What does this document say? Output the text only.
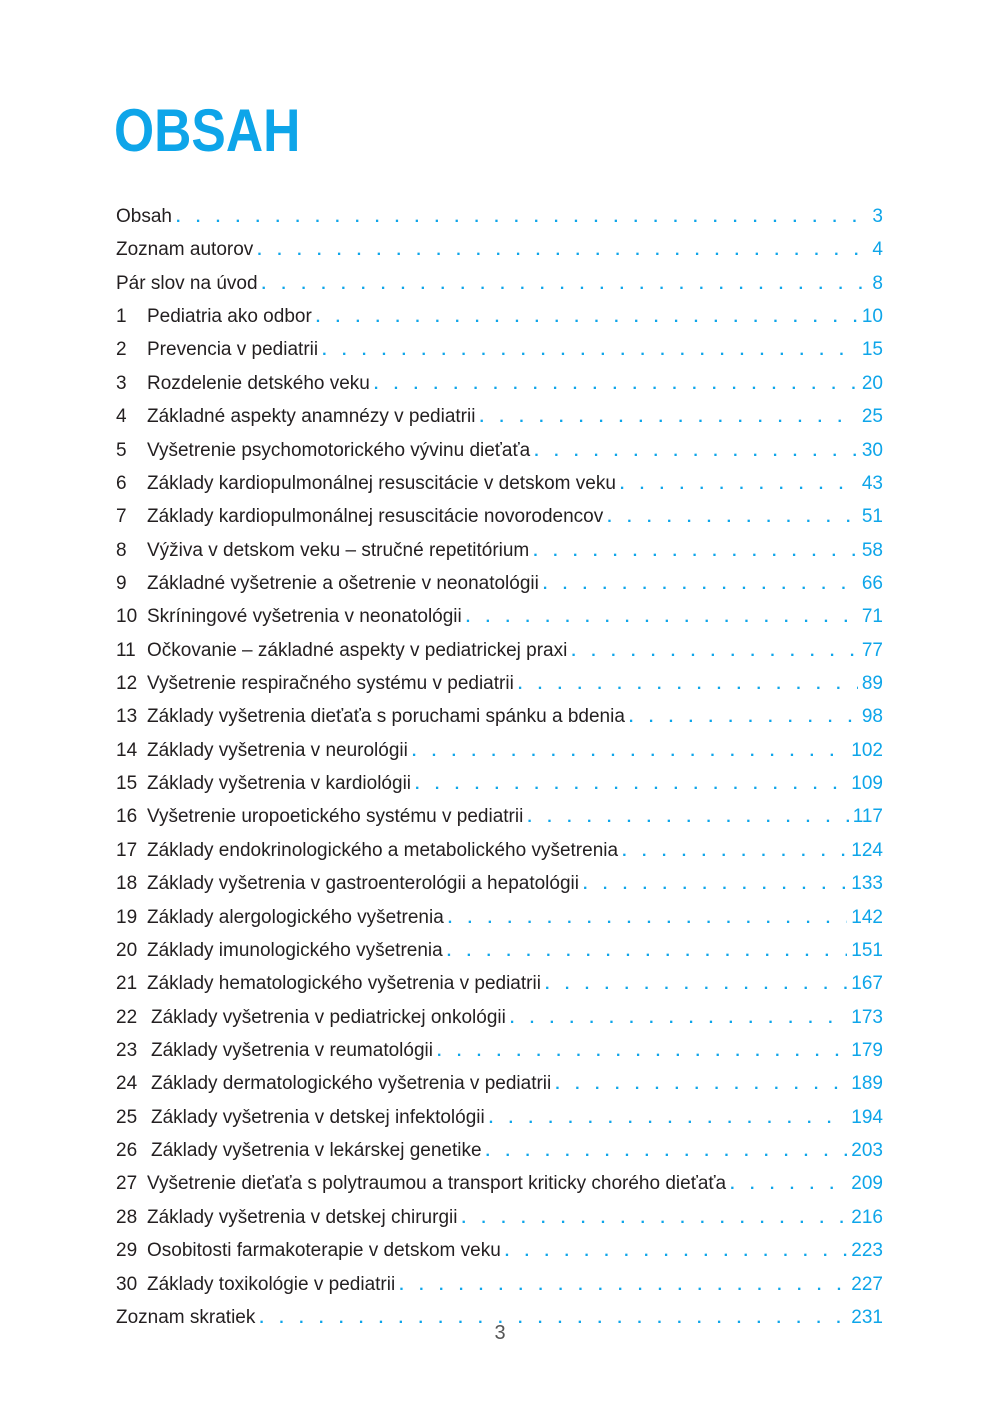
OBSAH
Obsah . . .	3
Zoznam autorov . . .	4
Pár slov na úvod . . .	8
1	Pediatria ako odbor . . .	10
2	Prevencia v pediatrii . . .	15
3	Rozdelenie detského veku . . .	20
4	Základné aspekty anamnézy v pediatrii . . .	25
5	Vyšetrenie psychomotorického vývinu dieťaťa . . .	30
6	Základy kardiopulmonálnej resuscitácie v detskom veku . . .	43
7	Základy kardiopulmonálnej resuscitácie novorodencov . . .	51
8	Výživa v detskom veku – stručné repetitórium . . .	58
9	Základné vyšetrenie a ošetrenie v neonatológii . . .	66
10 Skríningové vyšetrenia v neonatológii . . .	71
11 Očkovanie – základné aspekty v pediatrickej praxi . . .	77
12 Vyšetrenie respiračného systému v pediatrii . . .	89
13 Základy vyšetrenia dieťaťa s poruchami spánku a bdenia . . .	98
14 Základy vyšetrenia v neurológii . . .	102
15 Základy vyšetrenia v kardiológii . . .	109
16 Vyšetrenie uropoetického systému v pediatrii . . .	117
17 Základy endokrinologického a metabolického vyšetrenia . . .	124
18 Základy vyšetrenia v gastroenterológii a hepatológii . . .	133
19 Základy alergologického vyšetrenia . . .	142
20 Základy imunologického vyšetrenia . . .	151
21 Základy hematologického vyšetrenia v pediatrii . . .	167
22 Základy vyšetrenia v pediatrickej onkológii . . .	173
23 Základy vyšetrenia v reumatológii . . .	179
24 Základy dermatologického vyšetrenia v pediatrii . . .	189
25 Základy vyšetrenia v detskej infektológii . . .	194
26 Základy vyšetrenia v lekárskej genetike . . .	203
27 Vyšetrenie dieťaťa s polytraumou a transport kriticky chorého dieťaťa . . .	209
28 Základy vyšetrenia v detskej chirurgii . . .	216
29 Osobitosti farmakoterapie v detskom veku . . .	223
30 Základy toxikológie v pediatrii . . .	227
Zoznam skratiek . . .	231
3
